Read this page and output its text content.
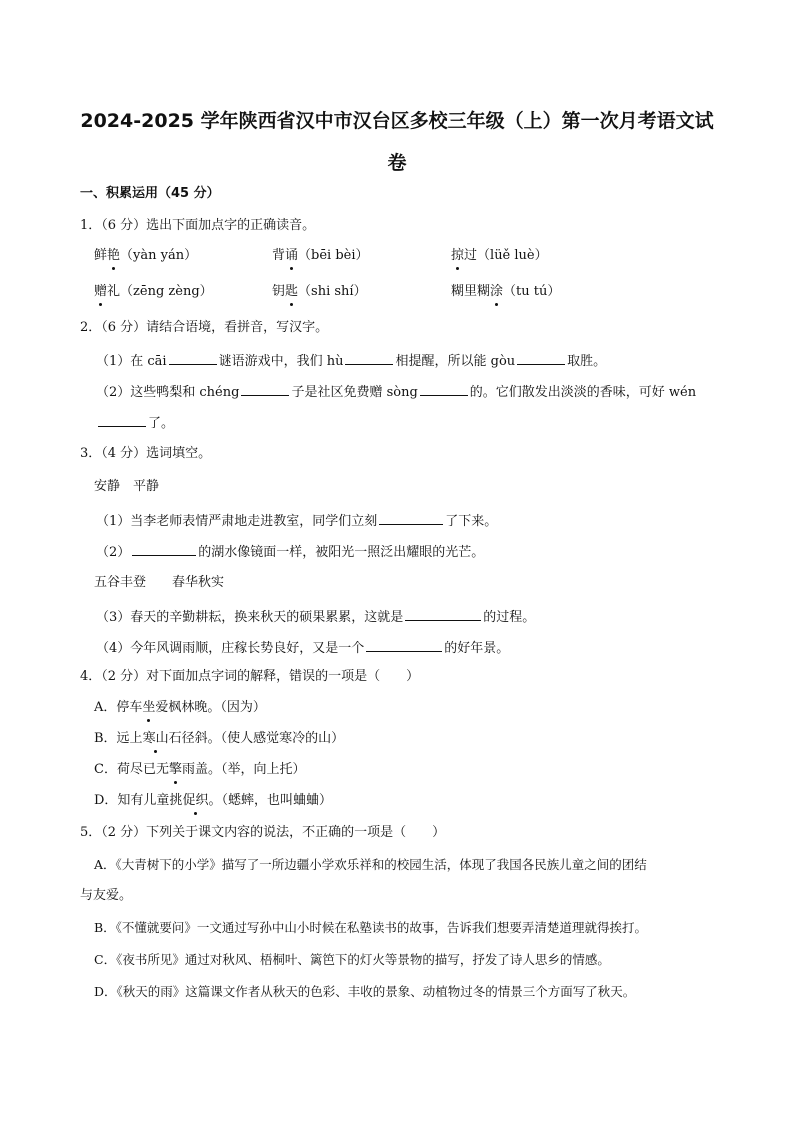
2024-2025 学年陕西省汉中市汉台区多校三年级（上）第一次月考语文试
卷
一、积累运用（45 分）
1．（6 分）选出下面加点字的正确读音。
鲜艳（yàn yán）	背诵（bēi bèi）	掠过（lüě luè）
赠礼（zēng zèng）	钥匙（shi shí）	糊里糊涂（tu tú）
2．（6 分）请结合语境，看拼音，写汉字。
（1）在 cāi	谜语游戏中，我们 hù	相提醒，所以能 gòu	取胜。
（2）这些鸭梨和 chéng	子是社区免费赠 sòng	的。它们散发出淡淡的香味，可好 wén
了。
3．（4 分）选词填空。
安静　平静
（1）当李老师表情严肃地走进教室，同学们立刻	了下来。
（2）	的湖水像镜面一样，被阳光一照泛出耀眼的光芒。
五谷丰登　　春华秋实
（3）春天的辛勤耕耘，换来秋天的硕果累累，这就是	的过程。
（4）今年风调雨顺，庄稼长势良好，又是一个	的好年景。
4．（2 分）对下面加点字词的解释，错误的一项是（　　）
A．停车坐爱枫林晚。（因为）
B．远上寒山石径斜。（使人感觉寒冷的山）
C．荷尽已无擎雨盖。（举，向上托）
D．知有儿童挑促织。（蟋蟀，也叫蛐蛐）
5．（2 分）下列关于课文内容的说法，不正确的一项是（　　）
A．《大青树下的小学》描写了一所边疆小学欢乐祥和的校园生活，体现了我国各民族儿童之间的团结
与友爱。
B．《不懂就要问》一文通过写孙中山小时候在私塾读书的故事，告诉我们想要弄清楚道理就得挨打。
C．《夜书所见》通过对秋风、梧桐叶、篱笆下的灯火等景物的描写，抒发了诗人思乡的情感。
D．《秋天的雨》这篇课文作者从秋天的色彩、丰收的景象、动植物过冬的情景三个方面写了秋天。
